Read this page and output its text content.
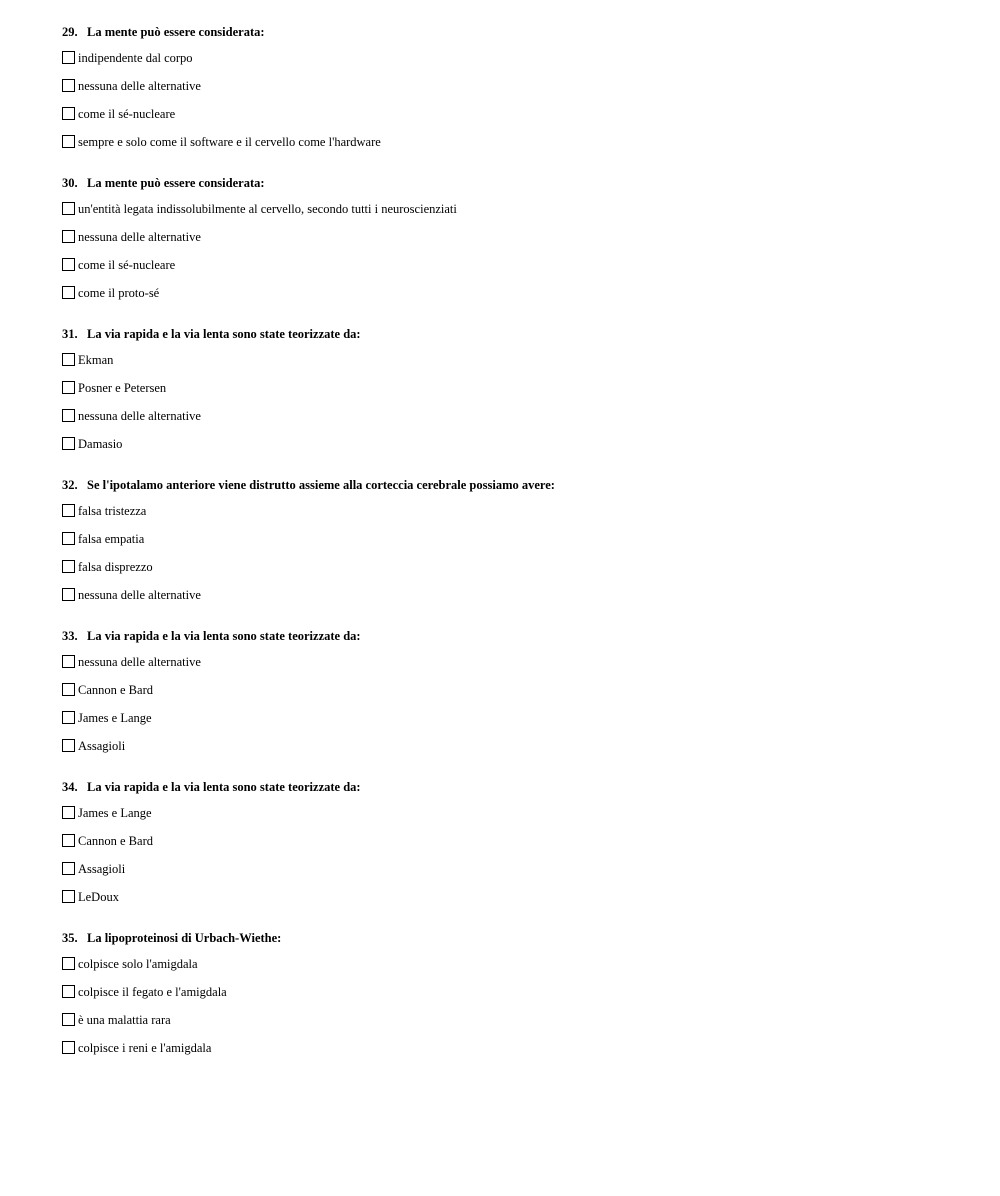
29. La mente può essere considerata:
indipendente dal corpo
nessuna delle alternative
come il sé-nucleare
sempre e solo come il software e il cervello come l'hardware
30. La mente può essere considerata:
un'entità legata indissolubilmente al cervello, secondo tutti i neuroscienziati
nessuna delle alternative
come il sé-nucleare
come il proto-sé
31. La via rapida e la via lenta sono state teorizzate da:
Ekman
Posner e Petersen
nessuna delle alternative
Damasio
32. Se l'ipotalamo anteriore viene distrutto assieme alla corteccia cerebrale possiamo avere:
falsa tristezza
falsa empatia
falsa disprezzo
nessuna delle alternative
33. La via rapida e la via lenta sono state teorizzate da:
nessuna delle alternative
Cannon e Bard
James e Lange
Assagioli
34. La via rapida e la via lenta sono state teorizzate da:
James e Lange
Cannon e Bard
Assagioli
LeDoux
35. La lipoproteinosi di Urbach-Wiethe:
colpisce solo l'amigdala
colpisce il fegato e l'amigdala
è una malattia rara
colpisce i reni e l'amigdala
